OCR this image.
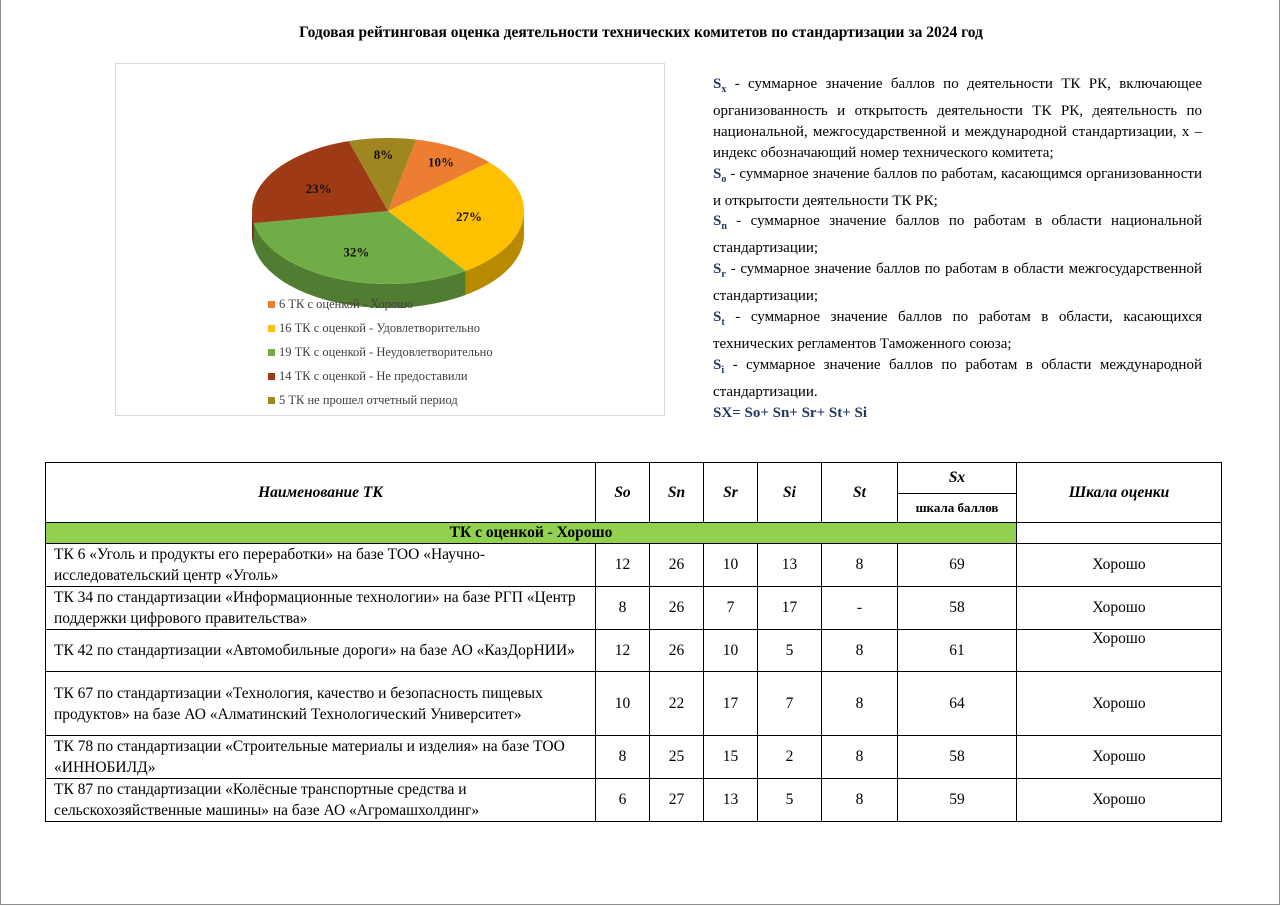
Годовая рейтинговая оценка деятельности технических комитетов по стандартизации за 2024 год
10%
27%
32%
23%
8%
6 ТК с оценкой - Хорошо
16 ТК с оценкой - Удовлетворительно
19 ТК с оценкой - Неудовлетворительно
14 ТК с оценкой - Не предоставили
5 ТК не прошел отчетный период

$S_x$ - суммарное значение баллов по деятельности ТК РК, включающее организованность и открытость деятельности ТК РК, деятельность по национальной, межгосударственной и международной стандартизации, x – индекс обозначающий номер технического комитета;

$S_o$ - суммарное значение баллов по работам, касающимся организованности и открытости деятельности ТК РК;

$S_n$ - суммарное значение баллов по работам в области национальной стандартизации;

$S_r$ - суммарное значение баллов по работам в области межгосударственной стандартизации;

$S_t$ - суммарное значение баллов по работам в области, касающихся технических регламентов Таможенного союза;

$S_i$ - суммарное значение баллов по работам в области международной стандартизации.

SX= So+ Sn+ Sr+ St+ Si

Наименование ТК	So	Sn	Sr	Si	St	Sx	Шкала оценки
						шкала баллов	
ТК с оценкой - Хорошо							
ТК 6 «Уголь и продукты его переработки» на базе ТОО «Научно-исследовательский центр «Уголь»	12	26	10	13	8	69	Хорошо
ТК 34 по стандартизации «Информационные технологии» на базе РГП «Центр поддержки цифрового правительства»	8	26	7	17	-	58	Хорошо
ТК 42 по стандартизации «Автомобильные дороги» на базе АО «КазДорНИИ»	12	26	10	5	8	61	Хорошо
ТК 67 по стандартизации «Технология, качество и безопасность пищевых продуктов» на базе АО «Алматинский Технологический Университет»	10	22	17	7	8	64	Хорошо
ТК 78 по стандартизации «Строительные материалы и изделия» на базе ТОО «ИННОБИЛД»	8	25	15	2	8	58	Хорошо
ТК 87 по стандартизации «Колёсные транспортные средства и сельскохозяйственные машины» на базе АО «Агромашхолдинг»	6	27	13	5	8	59	Хорошо
